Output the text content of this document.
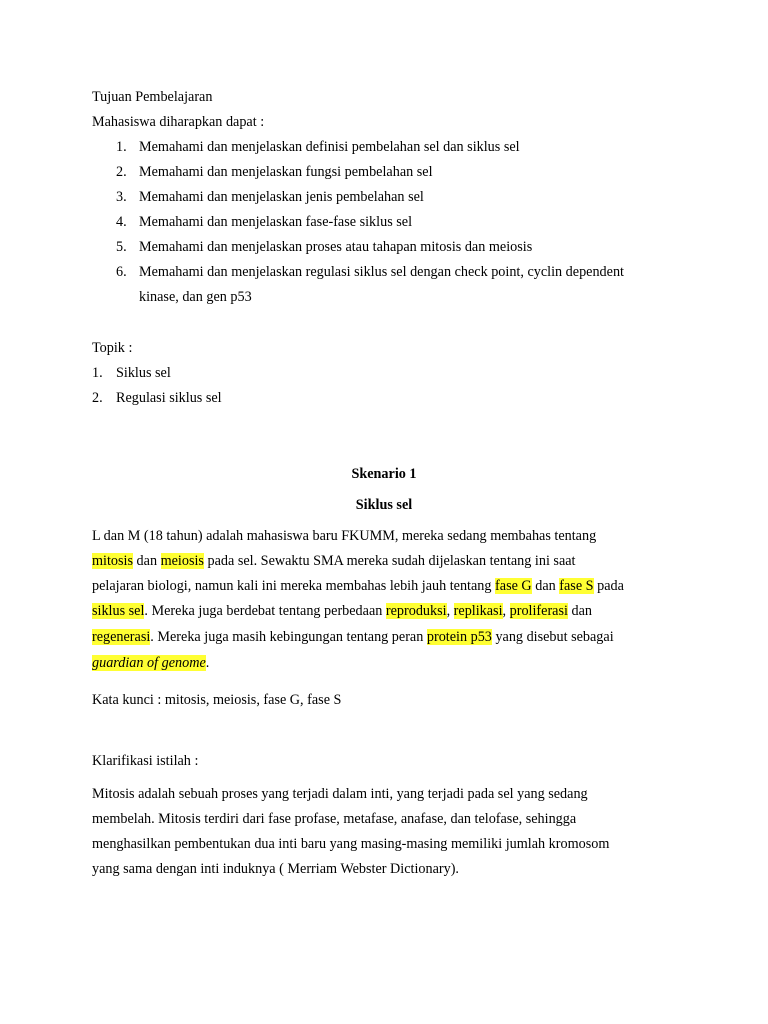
Tujuan Pembelajaran
Mahasiswa diharapkan dapat :
1. Memahami dan menjelaskan definisi pembelahan sel dan siklus sel
2. Memahami dan menjelaskan fungsi pembelahan sel
3. Memahami dan menjelaskan jenis pembelahan sel
4. Memahami dan menjelaskan fase-fase siklus sel
5. Memahami dan menjelaskan proses atau tahapan mitosis dan meiosis
6. Memahami dan menjelaskan regulasi siklus sel dengan check point, cyclin dependent
kinase, dan gen p53
Topik :
1. Siklus sel
2. Regulasi siklus sel
Skenario 1
Siklus sel
L dan M (18 tahun) adalah mahasiswa baru FKUMM, mereka sedang membahas tentang
mitosis dan meiosis pada sel. Sewaktu SMA mereka sudah dijelaskan tentang ini saat
pelajaran biologi, namun kali ini mereka membahas lebih jauh tentang fase G dan fase S pada
siklus sel. Mereka juga berdebat tentang perbedaan reproduksi, replikasi, proliferasi dan
regenerasi. Mereka juga masih kebingungan tentang peran protein p53 yang disebut sebagai
guardian of genome.
Kata kunci : mitosis, meiosis, fase G, fase S
Klarifikasi istilah :
Mitosis adalah sebuah proses yang terjadi dalam inti, yang terjadi pada sel yang sedang
membelah. Mitosis terdiri dari fase profase, metafase, anafase, dan telofase, sehingga
menghasilkan pembentukan dua inti baru yang masing-masing memiliki jumlah kromosom
yang sama dengan inti induknya ( Merriam Webster Dictionary).
